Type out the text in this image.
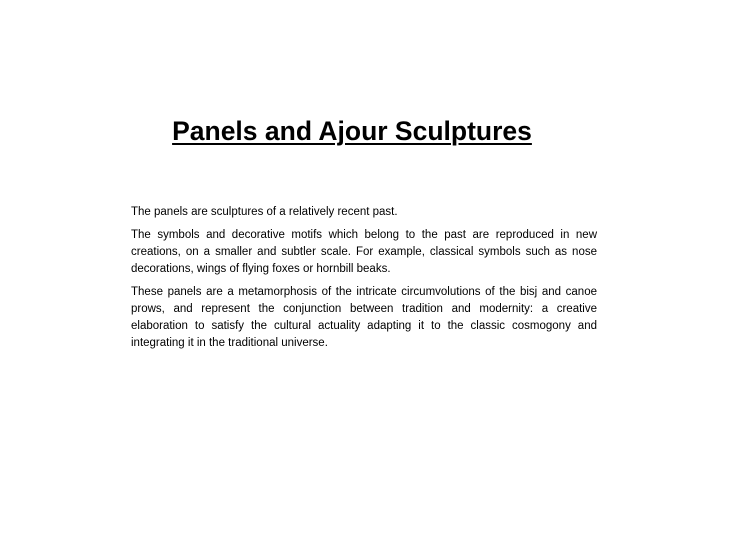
Panels and Ajour Sculptures

The panels are sculptures of a relatively recent past.

The symbols and decorative motifs which belong to the past are reproduced in new creations, on a smaller and subtler scale. For example, classical symbols such as nose decorations, wings of flying foxes or hornbill beaks.

These panels are a metamorphosis of the intricate circumvolutions of the bisj and canoe prows, and represent the conjunction between tradition and modernity: a creative elaboration to satisfy the cultural actuality adapting it to the classic cosmogony and integrating it in the traditional universe.
